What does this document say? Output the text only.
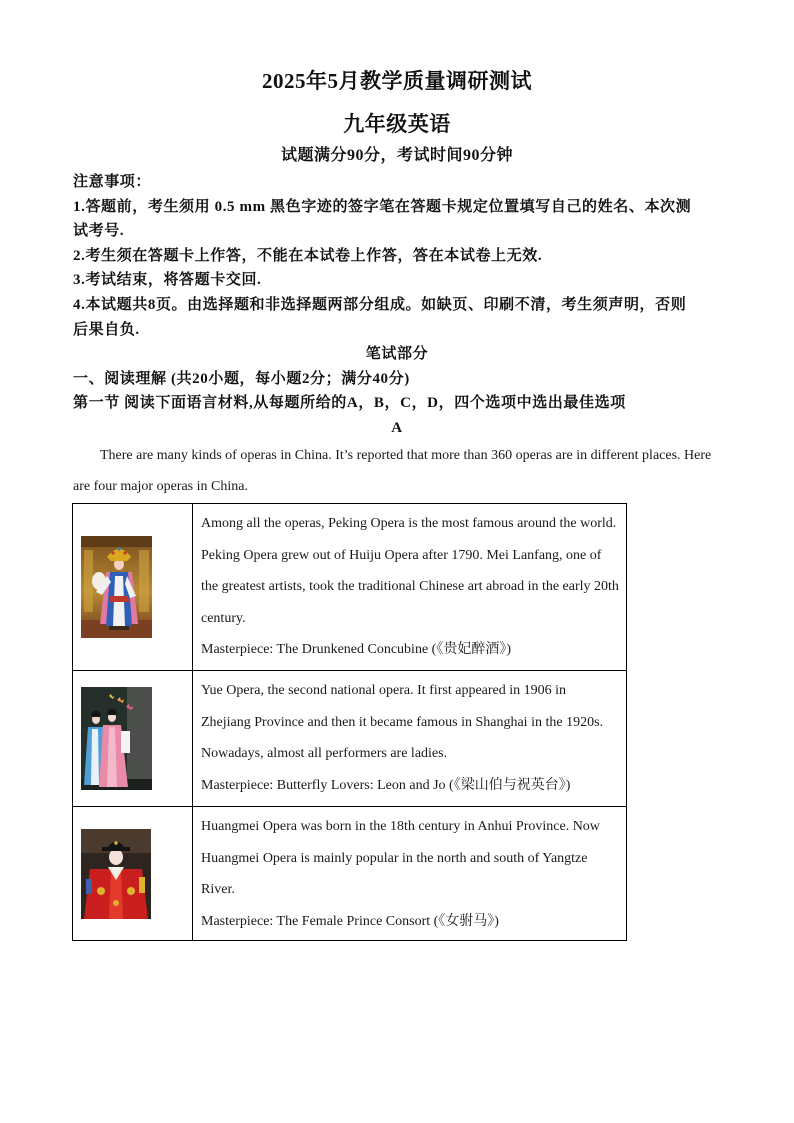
2025年5月教学质量调研测试
九年级英语
试题满分90分，考试时间90分钟
注意事项：
1.答题前，考生须用 0.5 mm 黑色字迹的签字笔在答题卡规定位置填写自己的姓名、本次测
试考号.
2.考生须在答题卡上作答，不能在本试卷上作答，答在本试卷上无效.
3.考试结束，将答题卡交回.
4.本试题共8页。由选择题和非选择题两部分组成。如缺页、印刷不清，考生须声明，否则
后果自负.
笔试部分
一、阅读理解 (共20小题，每小题2分；满分40分)
第一节 阅读下面语言材料,从每题所给的A，B，C，D，四个选项中选出最佳选项
A
There are many kinds of operas in China. It’s reported that more than 360 operas are in different places. Here
are four major operas in China.
Among all the operas, Peking Opera is the most famous around the world.
Peking Opera grew out of Huiju Opera after 1790. Mei Lanfang, one of
the greatest artists, took the traditional Chinese art abroad in the early 20th
century.
Masterpiece: The Drunkened Concubine (《贵妃醉酒》)
Yue Opera, the second national opera. It first appeared in 1906 in
Zhejiang Province and then it became famous in Shanghai in the 1920s.
Nowadays, almost all performers are ladies.
Masterpiece: Butterfly Lovers: Leon and Jo (《梁山伯与祝英台》)
Huangmei Opera was born in the 18th century in Anhui Province. Now
Huangmei Opera is mainly popular in the north and south of Yangtze
River.
Masterpiece: The Female Prince Consort (《女驸马》)
